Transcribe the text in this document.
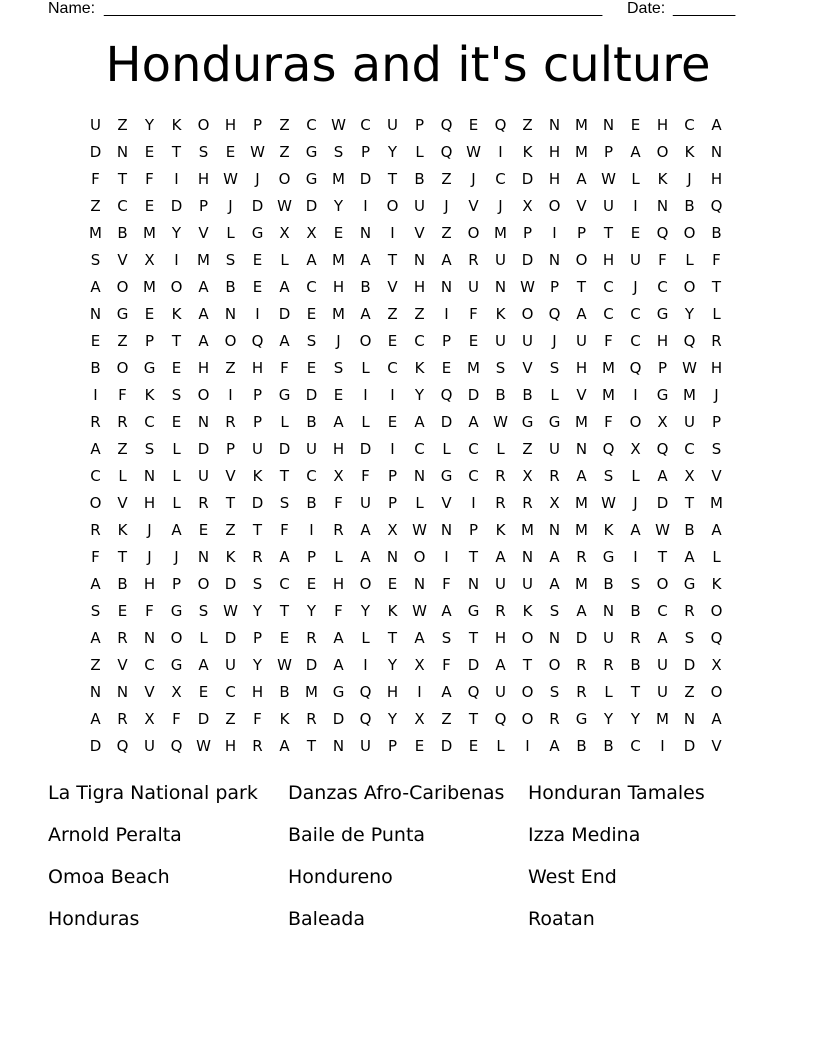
Name: ________________________________________________________ Date: _______
Honduras and it's culture
U	Z	Y	K	O	H	P	Z	C W C	U	P	Q	E	Q	Z	N M N	E	H	C	A
D	N	E	T	S	E W Z	G	S	P	Y	L	Q W	I	K	H M	P	A	O	K	N
F	T	F	I	H W	J	O	G M D	T	B	Z	J	C	D	H	A W	L	K	J	H
Z	C	E	D	P	J	D W D	Y	I	O	U	J	V	J	X	O	V	U	I	N	B	Q
M	B	M	Y	V	L	G	X	X	E	N	I	V	Z	O M	P	I	P	T	E	Q	O	B
S	V	X	I	M	S	E	L	A	M	A	T	N	A	R	U	D	N	O	H	U	F	L	F
A	O M O	A	B	E	A	C	H	B	V	H	N	U	N W	P	T	C	J	C	O	T
N	G	E	K	A	N	I	D	E	M	A	Z	Z	I	F	K	O	Q	A	C	C	G	Y	L
E	Z	P	T	A	O	Q	A	S	J	O	E	C	P	E	U	U	J	U	F	C	H	Q	R
B	O	G	E	H	Z	H	F	E	S	L	C	K	E	M	S	V	S	H M Q	P	W H
I	F	K	S	O	I	P	G	D	E	I	I	Y	Q	D	B	B	L	V	M	I	G M	J
R	R	C	E	N	R	P	L	B	A	L	E	A	D	A W G	G M	F	O	X	U	P
A	Z	S	L	D	P	U	D	U	H	D	I	C	L	C	L	Z	U	N	Q	X	Q	C	S
C	L	N	L	U	V	K	T	C	X	F	P	N	G	C	R	X	R	A	S	L	A	X	V
O	V	H	L	R	T	D	S	B	F	U	P	L	V	I	R	R	X	M W	J	D	T	M
R	K	J	A	E	Z	T	F	I	R	A	X W N	P	K	M N M	K	A W B	A
F	T	J	J	N	K	R	A	P	L	A	N	O	I	T	A	N	A	R	G	I	T	A	L
A	B	H	P	O	D	S	C	E	H	O	E	N	F	N	U	U	A	M	B	S	O	G	K
S	E	F	G	S W Y	T	Y	F	Y	K W A	G	R	K	S	A	N	B	C	R	O
A	R	N	O	L	D	P	E	R	A	L	T	A	S	T	H	O	N	D	U	R	A	S	Q
Z	V	C	G	A	U	Y	W D	A	I	Y	X	F	D	A	T	O	R	R	B	U	D	X
N	N	V	X	E	C	H	B	M G	Q	H	I	A	Q	U	O	S	R	L	T	U	Z	O
A	R	X	F	D	Z	F	K	R	D	Q	Y	X	Z	T	Q	O	R	G	Y	Y	M N	A
D	Q	U	Q W H	R	A	T	N	U	P	E	D	E	L	I	A	B	B	C	I	D	V
La Tigra National park	Danzas Afro-Caribenas	Honduran Tamales
Arnold Peralta	Baile de Punta	Izza Medina
Omoa Beach	Hondureno	West End
Honduras	Baleada	Roatan
